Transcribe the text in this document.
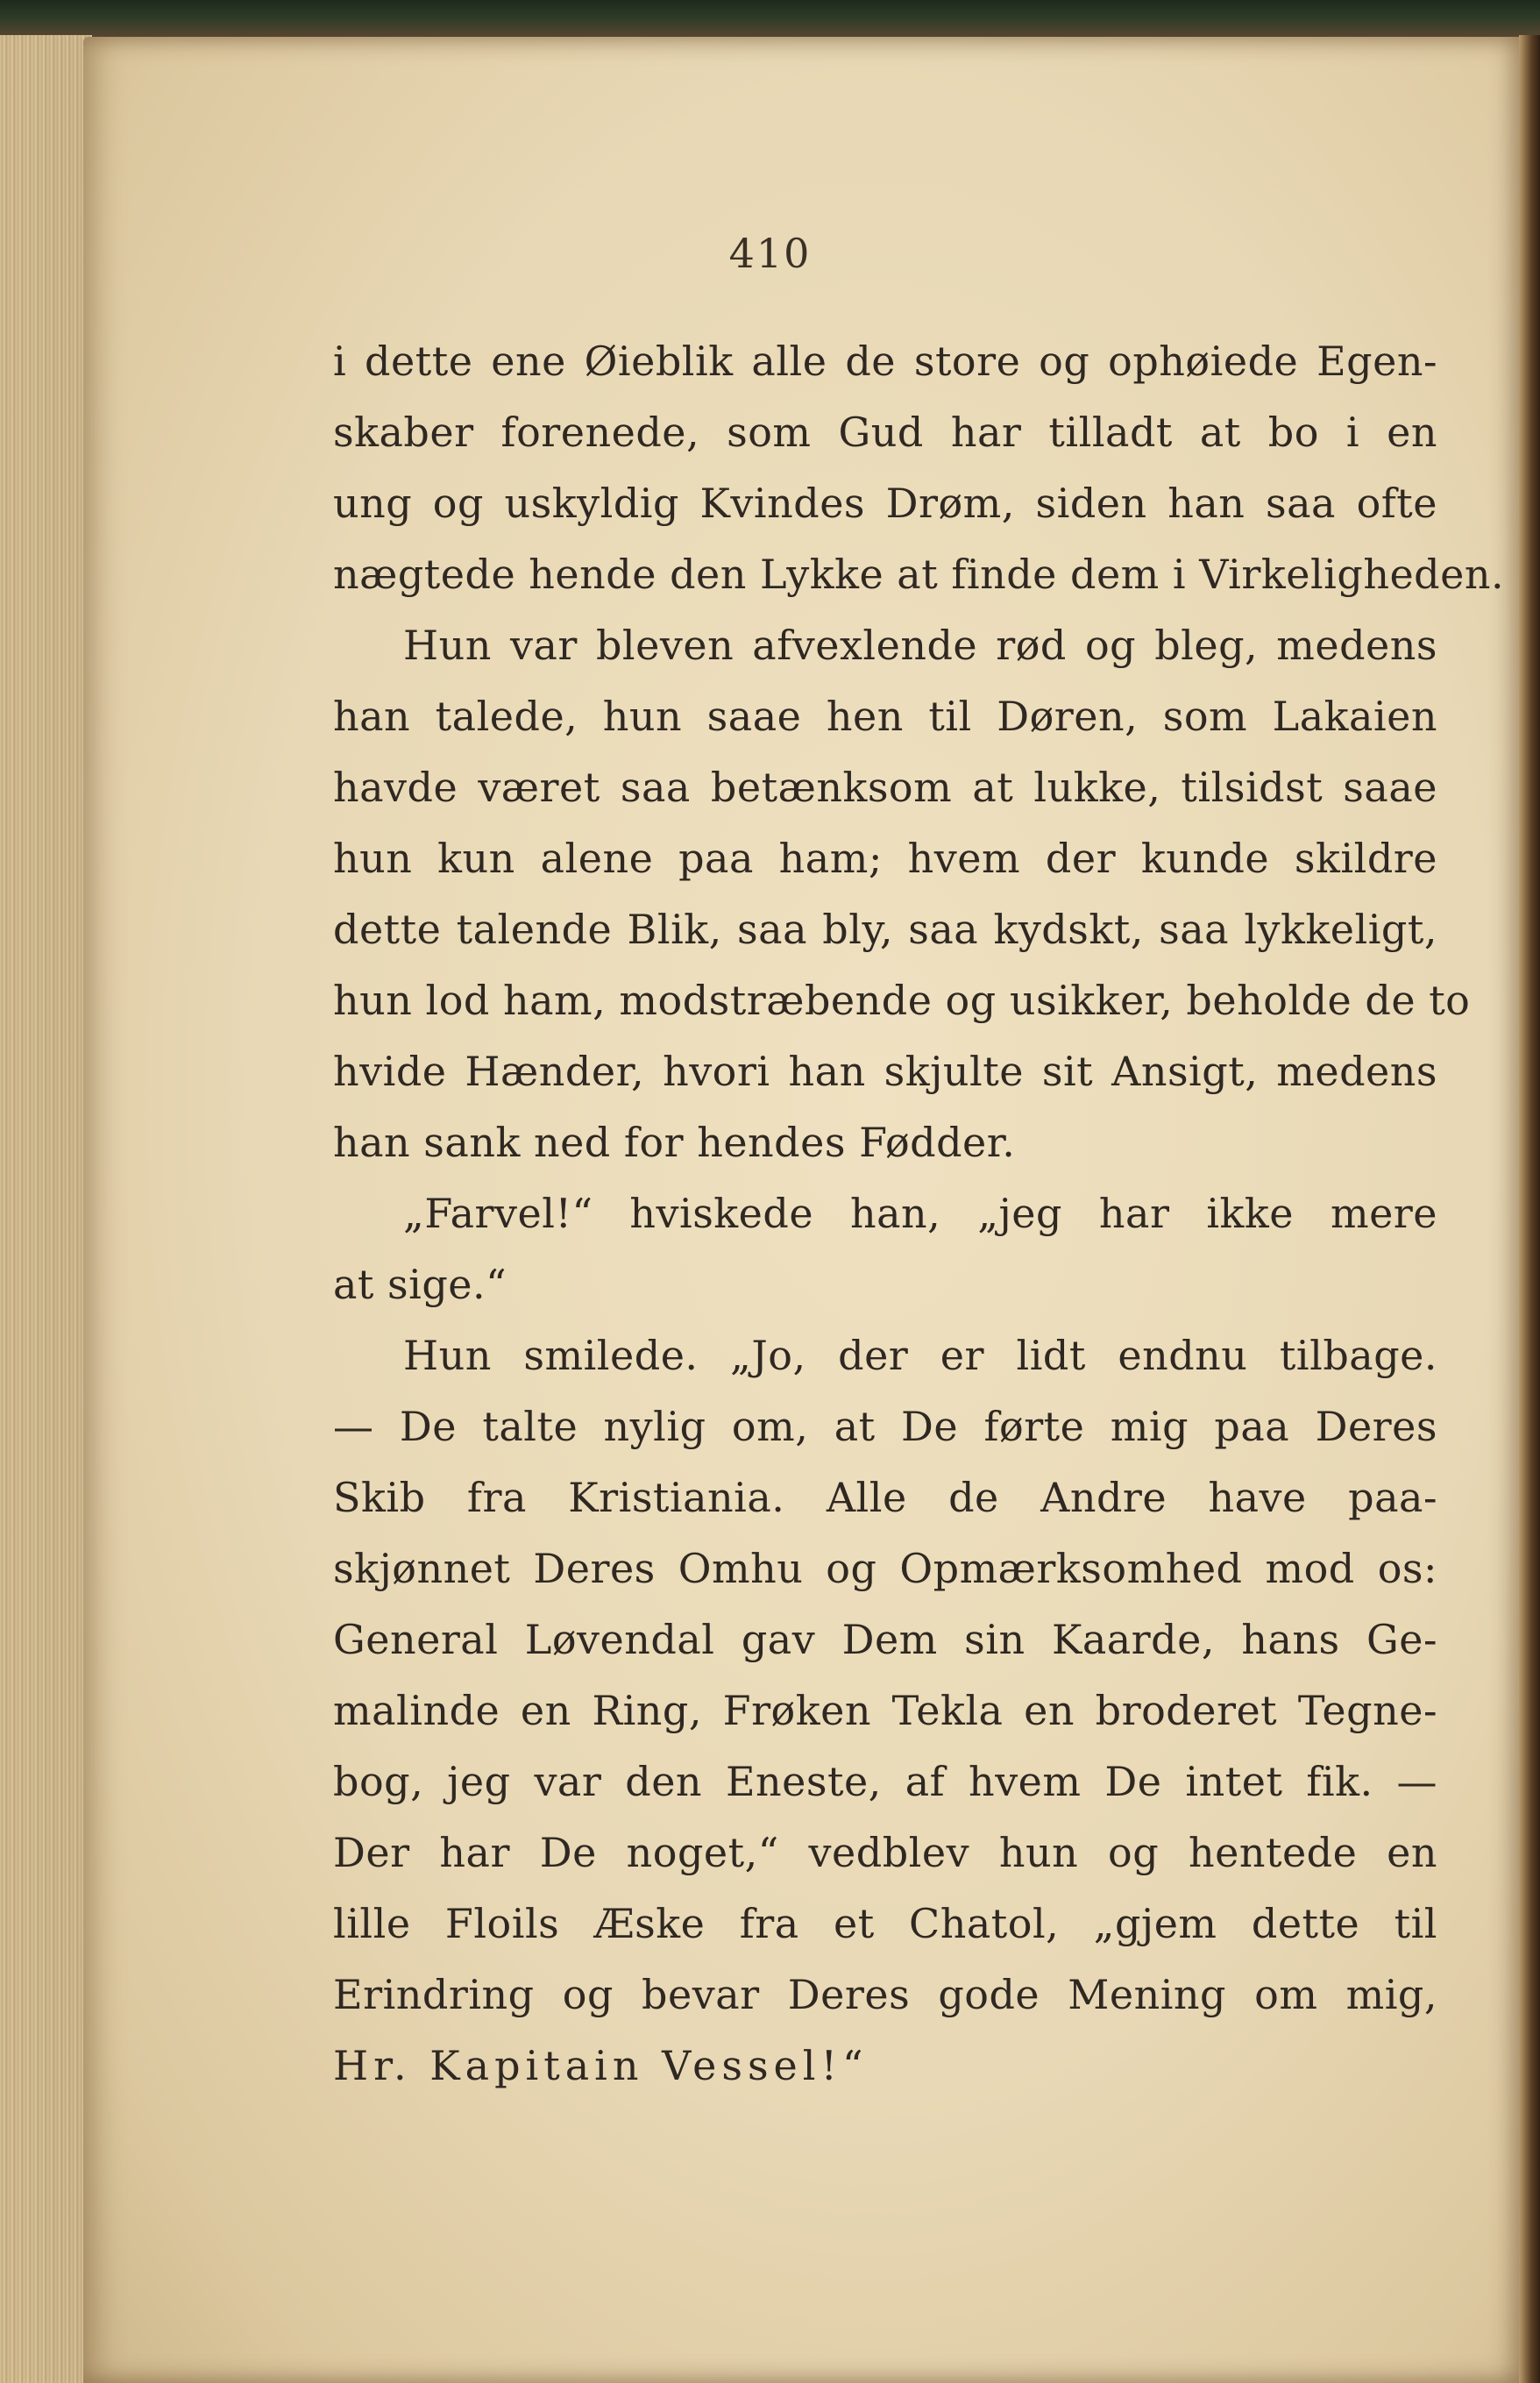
410
i dette ene Øieblik alle de store og ophøiede Egen-
skaber forenede, som Gud har tilladt at bo i en
ung og uskyldig Kvindes Drøm, siden han saa ofte
nægtede hende den Lykke at finde dem i Virkeligheden.
Hun var bleven afvexlende rød og bleg, medens
han talede, hun saae hen til Døren, som Lakaien
havde været saa betænksom at lukke, tilsidst saae
hun kun alene paa ham; hvem der kunde skildre
dette talende Blik, saa bly, saa kydskt, saa lykkeligt,
hun lod ham, modstræbende og usikker, beholde de to
hvide Hænder, hvori han skjulte sit Ansigt, medens
han sank ned for hendes Fødder.
„Farvel!“ hviskede han, „jeg har ikke mere
at sige.“
Hun smilede. „Jo, der er lidt endnu tilbage.
— De talte nylig om, at De førte mig paa Deres
Skib fra Kristiania. Alle de Andre have paa-
skjønnet Deres Omhu og Opmærksomhed mod os:
General Løvendal gav Dem sin Kaarde, hans Ge-
malinde en Ring, Frøken Tekla en broderet Tegne-
bog, jeg var den Eneste, af hvem De intet fik. —
Der har De noget,“ vedblev hun og hentede en
lille Floils Æske fra et Chatol, „gjem dette til
Erindring og bevar Deres gode Mening om mig,
Hr. Kapitain Vessel!“
